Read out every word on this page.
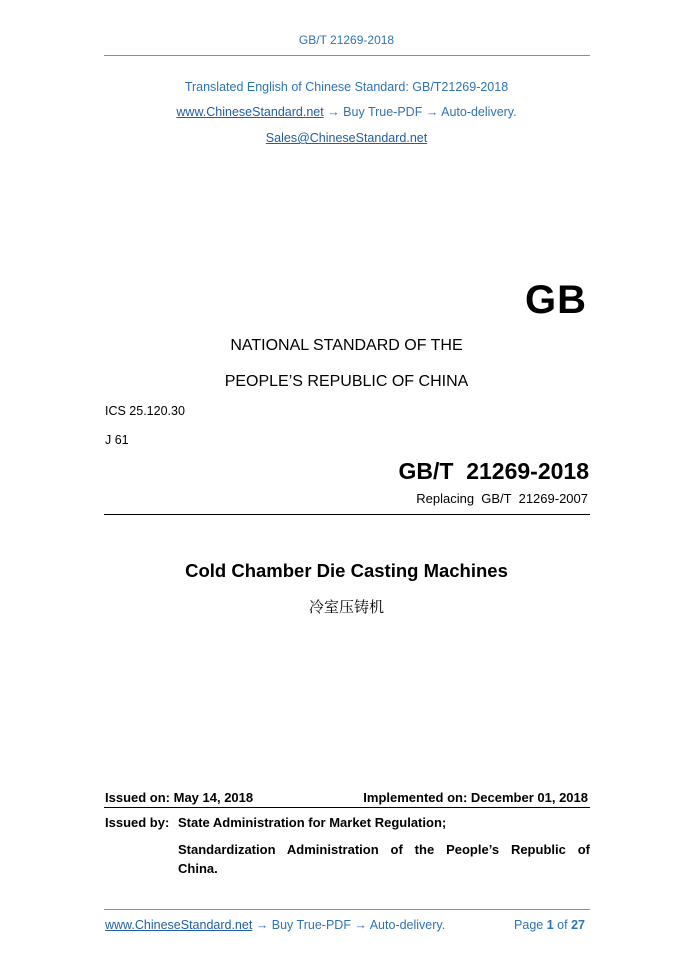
GB/T 21269-2018
Translated English of Chinese Standard: GB/T21269-2018
www.ChineseStandard.net → Buy True-PDF → Auto-delivery.
Sales@ChineseStandard.net
GB
NATIONAL STANDARD OF THE
PEOPLE’S REPUBLIC OF CHINA
ICS 25.120.30
J 61
GB/T  21269-2018
Replacing  GB/T  21269-2007
Cold Chamber Die Casting Machines
冷室压铸机
Issued on: May 14, 2018	Implemented on: December 01, 2018
Issued by: State Administration for Market Regulation;
Standardization  Administration  of  the  People’s  Republic  of China.
www.ChineseStandard.net → Buy True-PDF → Auto-delivery.	Page 1 of 27
